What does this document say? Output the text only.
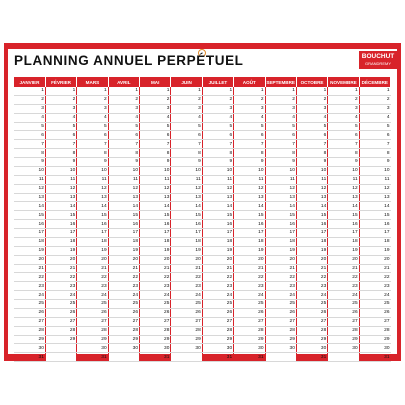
PLANNING ANNUEL PERPÉTUEL	BOUCHUT
GRANDREMY
JANVIER	FÉVRIER	MARS	AVRIL	MAI	JUIN	JUILLET	AOÛT	SEPTEMBRE	OCTOBRE	NOVEMBRE	DÉCEMBRE
1	1	1	1	1	1	1	1	1	1	1	1
2	2	2	2	2	2	2	2	2	2	2	2
3	3	3	3	3	3	3	3	3	3	3	3
4	4	4	4	4	4	4	4	4	4	4	4
5	5	5	5	5	5	5	5	5	5	5	5
6	6	6	6	6	6	6	6	6	6	6	6
7	7	7	7	7	7	7	7	7	7	7	7
8	8	8	8	8	8	8	8	8	8	8	8
9	9	9	9	9	9	9	9	9	9	9	9
10	10	10	10	10	10	10	10	10	10	10	10
11	11	11	11	11	11	11	11	11	11	11	11
12	12	12	12	12	12	12	12	12	12	12	12
13	13	13	13	13	13	13	13	13	13	13	13
14	14	14	14	14	14	14	14	14	14	14	14
15	15	15	15	15	15	15	15	15	15	15	15
16	16	16	16	16	16	16	16	16	16	16	16
17	17	17	17	17	17	17	17	17	17	17	17
18	18	18	18	18	18	18	18	18	18	18	18
19	19	19	19	19	19	19	19	19	19	19	19
20	20	20	20	20	20	20	20	20	20	20	20
21	21	21	21	21	21	21	21	21	21	21	21
22	22	22	22	22	22	22	22	22	22	22	22
23	23	23	23	23	23	23	23	23	23	23	23
24	24	24	24	24	24	24	24	24	24	24	24
25	25	25	25	25	25	25	25	25	25	25	25
26	26	26	26	26	26	26	26	26	26	26	26
27	27	27	27	27	27	27	27	27	27	27	27
28	28	28	28	28	28	28	28	28	28	28	28
29	29	29	29	29	29	29	29	29	29	29	29
30		30	30	30	30	30	30	30	30	30	30
31		31		31		31	31		31		31
